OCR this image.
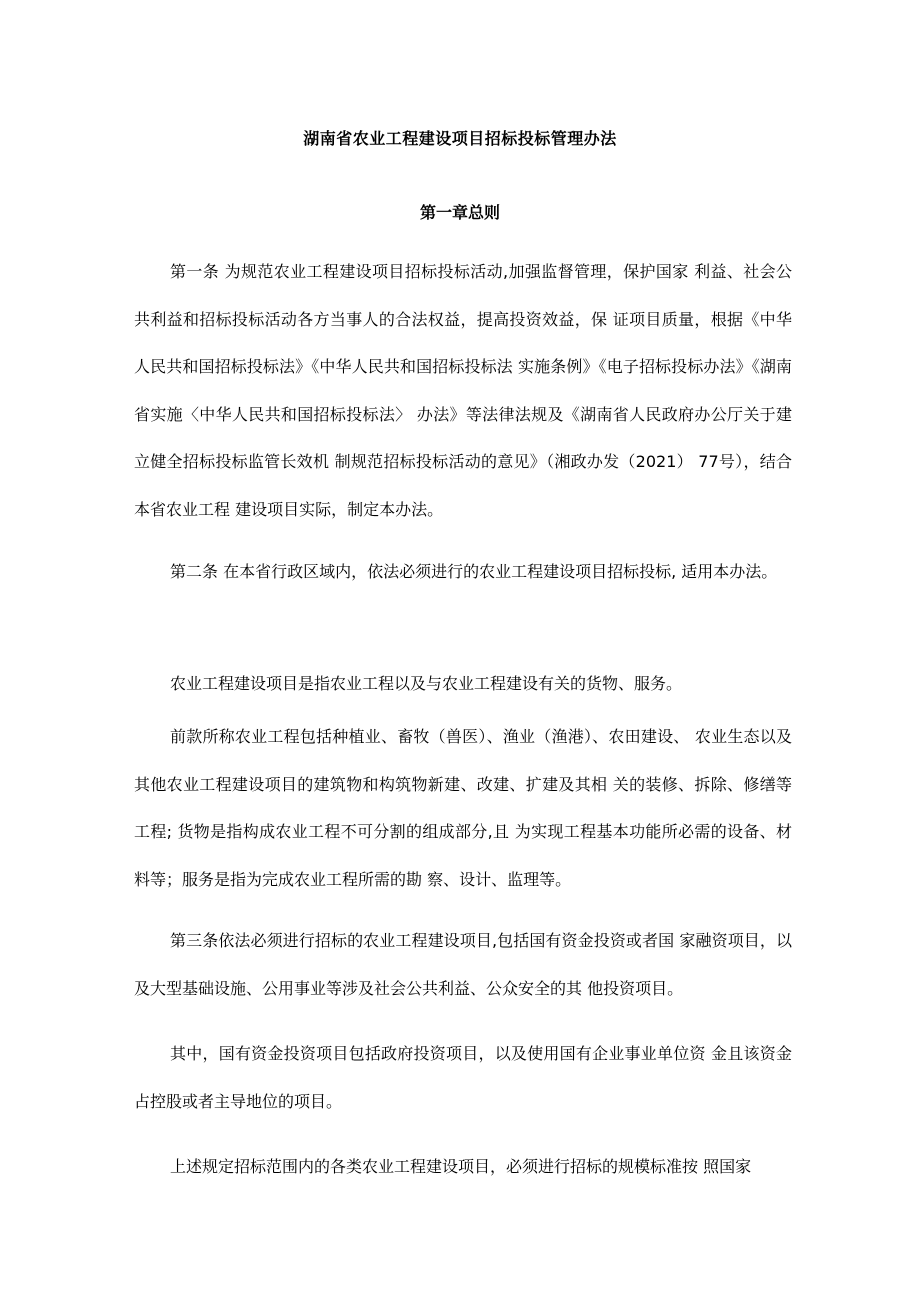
湖南省农业工程建设项目招标投标管理办法
第一章总则

第一条 为规范农业工程建设项目招标投标活动,加强监督管理，保护国家 利益、社会公共利益和招标投标活动各方当事人的合法权益，提高投资效益，保 证项目质量，根据《中华人民共和国招标投标法》《中华人民共和国招标投标法 实施条例》《电子招标投标办法》《湖南省实施〈中华人民共和国招标投标法〉 办法》等法律法规及《湖南省人民政府办公厅关于建立健全招标投标监管长效机 制规范招标投标活动的意见》（湘政办发（2021） 77号），结合本省农业工程 建设项目实际，制定本办法。

第二条 在本省行政区域内，依法必须进行的农业工程建设项目招标投标, 适用本办法。

农业工程建设项目是指农业工程以及与农业工程建设有关的货物、服务。

前款所称农业工程包括种植业、畜牧（兽医）、渔业（渔港）、农田建设、 农业生态以及其他农业工程建设项目的建筑物和构筑物新建、改建、扩建及其相 关的装修、拆除、修缮等工程; 货物是指构成农业工程不可分割的组成部分,且 为实现工程基本功能所必需的设备、材料等；服务是指为完成农业工程所需的勘 察、设计、监理等。

第三条依法必须进行招标的农业工程建设项目,包括国有资金投资或者国 家融资项目，以及大型基础设施、公用事业等涉及社会公共利益、公众安全的其 他投资项目。

其中，国有资金投资项目包括政府投资项目，以及使用国有企业事业单位资 金且该资金占控股或者主导地位的项目。

上述规定招标范围内的各类农业工程建设项目，必须进行招标的规模标准按 照国家
